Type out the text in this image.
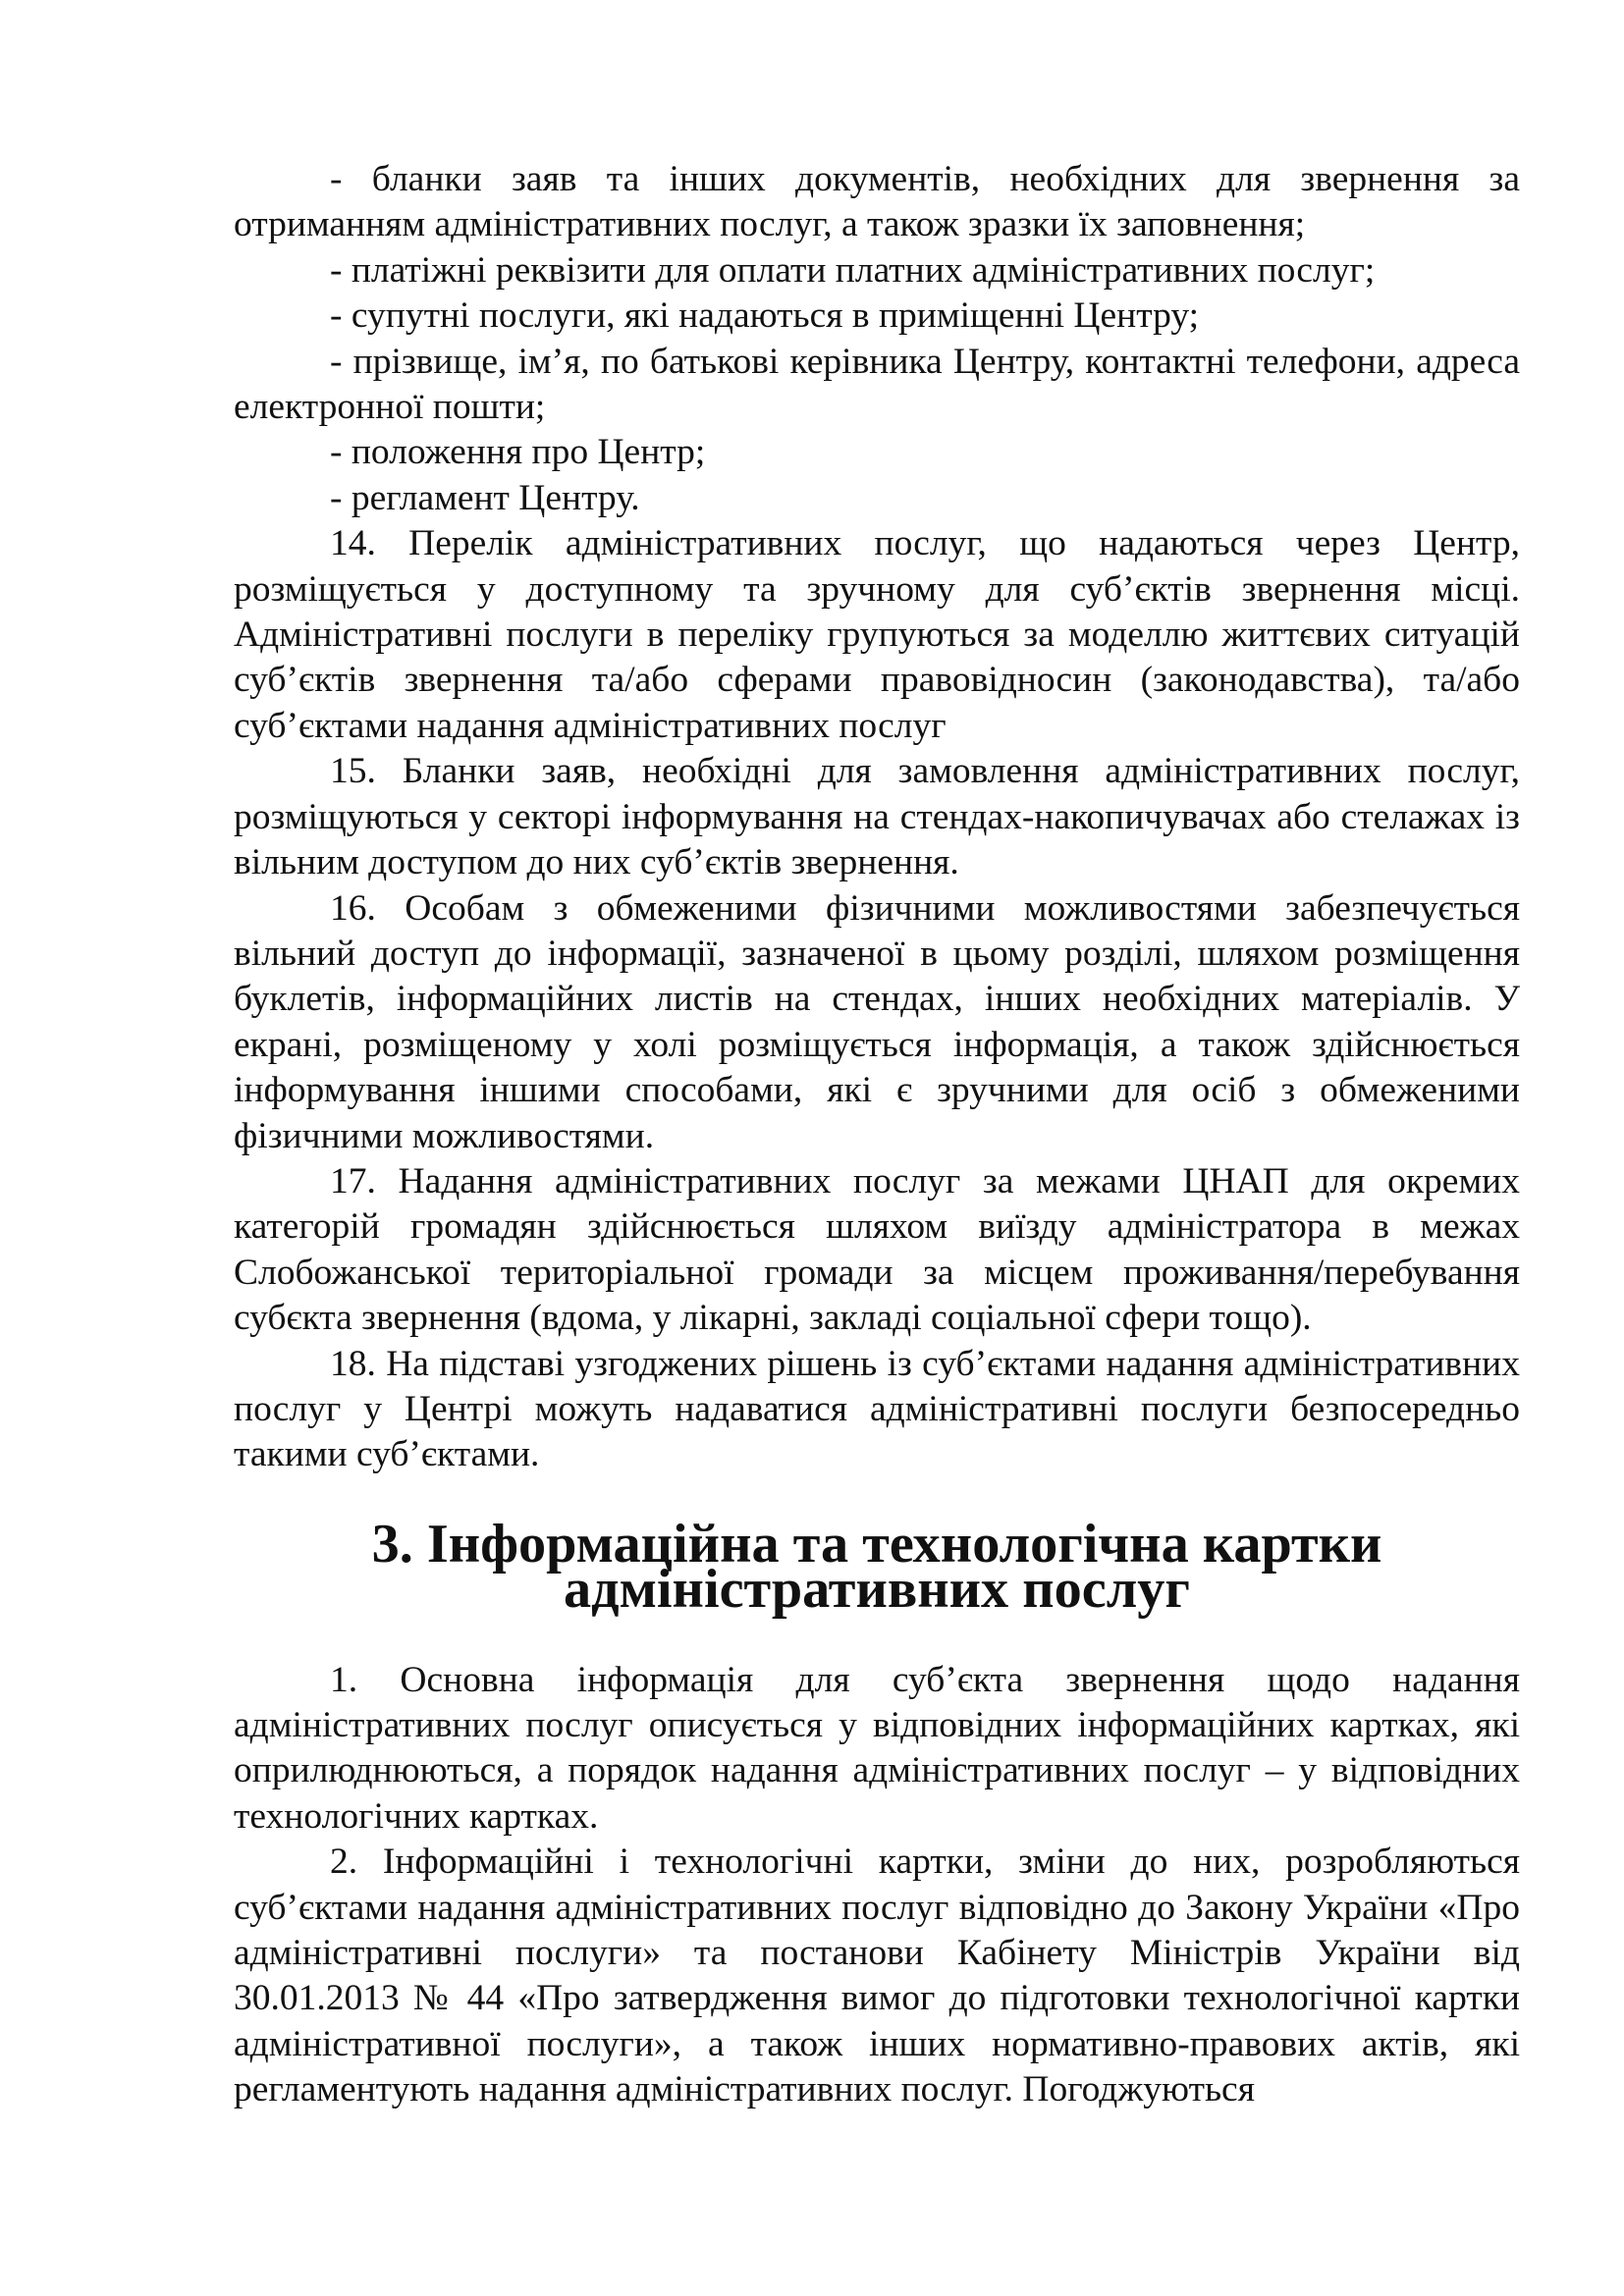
- бланки заяв та інших документів, необхідних для звернення за отриманням адміністративних послуг, а також зразки їх заповнення;

- платіжні реквізити для оплати платних адміністративних послуг;

- супутні послуги, які надаються в приміщенні Центру;

- прізвище, ім’я, по батькові керівника Центру, контактні телефони, адреса електронної пошти;

- положення про Центр;

- регламент Центру.

14. Перелік адміністративних послуг, що надаються через Центр, розміщується у доступному та зручному для суб’єктів звернення місці. Адміністративні послуги в переліку групуються за моделлю життєвих ситуацій суб’єктів звернення та/або сферами правовідносин (законодавства), та/або суб’єктами надання адміністративних послуг

15. Бланки заяв, необхідні для замовлення адміністративних послуг, розміщуються у секторі інформування на стендах-накопичувачах або стелажах із вільним доступом до них суб’єктів звернення.

16. Особам з обмеженими фізичними можливостями забезпечується вільний доступ до інформації, зазначеної в цьому розділі, шляхом розміщення буклетів, інформаційних листів на стендах, інших необхідних матеріалів. У екрані, розміщеному у холі розміщується інформація, а також здійснюється інформування іншими способами, які є зручними для осіб з обмеженими фізичними можливостями.

17. Надання адміністративних послуг за межами ЦНАП для окремих категорій громадян здійснюється шляхом виїзду адміністратора в межах Слобожанської територіальної громади за місцем проживання/перебування субєкта звернення (вдома, у лікарні, закладі соціальної сфери тощо).

18. На підставі узгоджених рішень із суб’єктами надання адміністративних послуг у Центрі можуть надаватися адміністративні послуги безпосередньо такими суб’єктами.

3. Інформаційна та технологічна картки адміністративних послуг

1. Основна інформація для суб’єкта звернення щодо надання адміністративних послуг описується у відповідних інформаційних картках, які оприлюднюються, а порядок надання адміністративних послуг – у відповідних технологічних картках.

2. Інформаційні і технологічні картки, зміни до них, розробляються суб’єктами надання адміністративних послуг відповідно до Закону України «Про адміністративні послуги» та постанови Кабінету Міністрів України від 30.01.2013 № 44 «Про затвердження вимог до підготовки технологічної картки адміністративної послуги», а також інших нормативно-правових актів, які регламентують надання адміністративних послуг. Погоджуються
